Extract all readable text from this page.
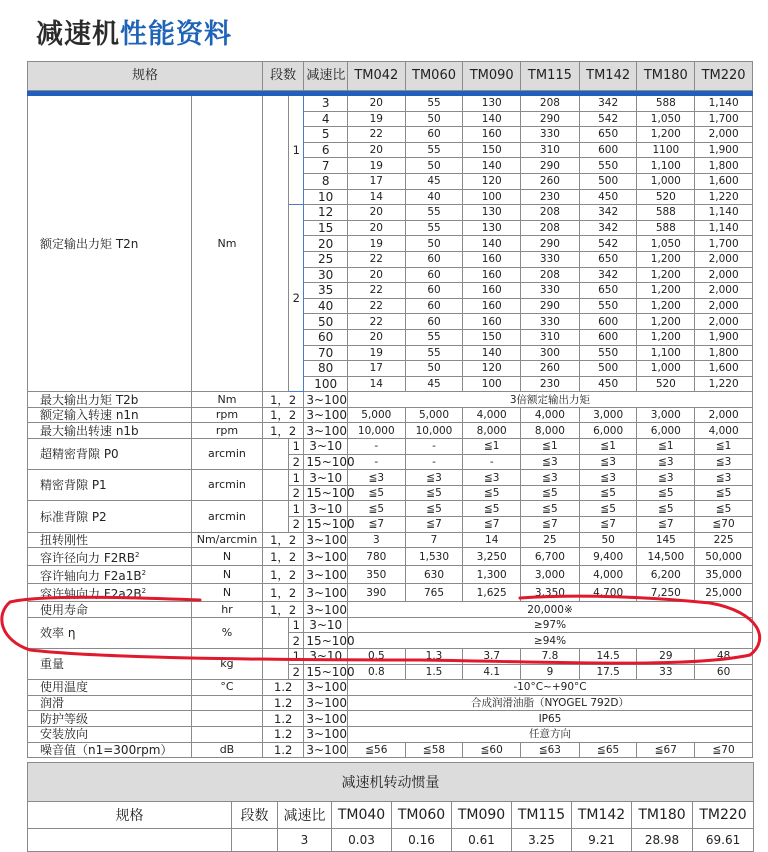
减速机性能资料
规格		段数		减速比	TM042	TM060	TM090	TM115	TM142	TM180	TM220

额定输出力矩 T2n	Nm		1	3	20	55	130	208	342	588	1,140
				4	19	50	140	290	542	1,050	1,700
				5	22	60	160	330	650	1,200	2,000
				6	20	55	150	310	600	1100	1,900
				7	19	50	140	290	550	1,100	1,800
				8	17	45	120	260	500	1,000	1,600
				10	14	40	100	230	450	520	1,220
			2	12	20	55	130	208	342	588	1,140
				15	20	55	130	208	342	588	1,140
				20	19	50	140	290	542	1,050	1,700
				25	22	60	160	330	650	1,200	2,000
				30	20	60	160	208	342	1,200	2,000
				35	22	60	160	330	650	1,200	2,000
				40	22	60	160	290	550	1,200	2,000
				50	22	60	160	330	600	1,200	2,000
				60	20	55	150	310	600	1,200	1,900
				70	19	55	140	300	550	1,100	1,800
				80	17	50	120	260	500	1,000	1,600
				100	14	45	100	230	450	520	1,220
最大输出力矩 T2b	Nm	1，2		3~100	3倍额定输出力矩						
额定输入转速 n1n	rpm	1，2		3~100	5,000	5,000	4,000	4,000	3,000	3,000	2,000
最大输出转速 n1b	rpm	1，2		3~100	10,000	10,000	8,000	8,000	6,000	6,000	4,000
超精密背隙 P0	arcmin		1	3~10	-	-	≦1	≦1	≦1	≦1	≦1
			2	15~100	-	-	-	≦3	≦3	≦3	≦3
精密背隙 P1	arcmin		1	3~10	≦3	≦3	≦3	≦3	≦3	≦3	≦3
			2	15~100	≦5	≦5	≦5	≦5	≦5	≦5	≦5
标准背隙 P2	arcmin		1	3~10	≦5	≦5	≦5	≦5	≦5	≦5	≦5
			2	15~100	≦7	≦7	≦7	≦7	≦7	≦7	≦70
扭转刚性	Nm/arcmin	1，2		3~100	3	7	14	25	50	145	225
容许径向力 $F2RB^2$	N	1，2		3~100	780	1,530	3,250	6,700	9,400	14,500	50,000
容许轴向力 $F2a1B^2$	N	1，2		3~100	350	630	1,300	3,000	4,000	6,200	35,000
容许轴向力 $F2a2B^2$	N	1，2		3~100	390	765	1,625	3,350	4,700	7,250	25,000
使用寿命	hr	1，2		3~100	20,000※						
效率 η	%		1	3~10	≥97%						
			2	15~100	≥94%						
重量	kg		1	3~10	0.5	1.3	3.7	7.8	14.5	29	48
			2	15~100	0.8	1.5	4.1	9	17.5	33	60
使用温度	°C	1.2		3~100	-10°C~+90°C						
润滑		1.2		3~100	合成润滑油脂（NYOGEL 792D）						
防护等级		1.2		3~100	IP65						
安装放向		1.2		3~100	任意方向						
噪音值（n1=300rpm）	dB	1.2		3~100	≦56	≦58	≦60	≦63	≦65	≦67	≦70
减速机转动惯量									
规格	段数	减速比	TM040	TM060	TM090	TM115	TM142	TM180	TM220
		3	0.03	0.16	0.61	3.25	9.21	28.98	69.61
